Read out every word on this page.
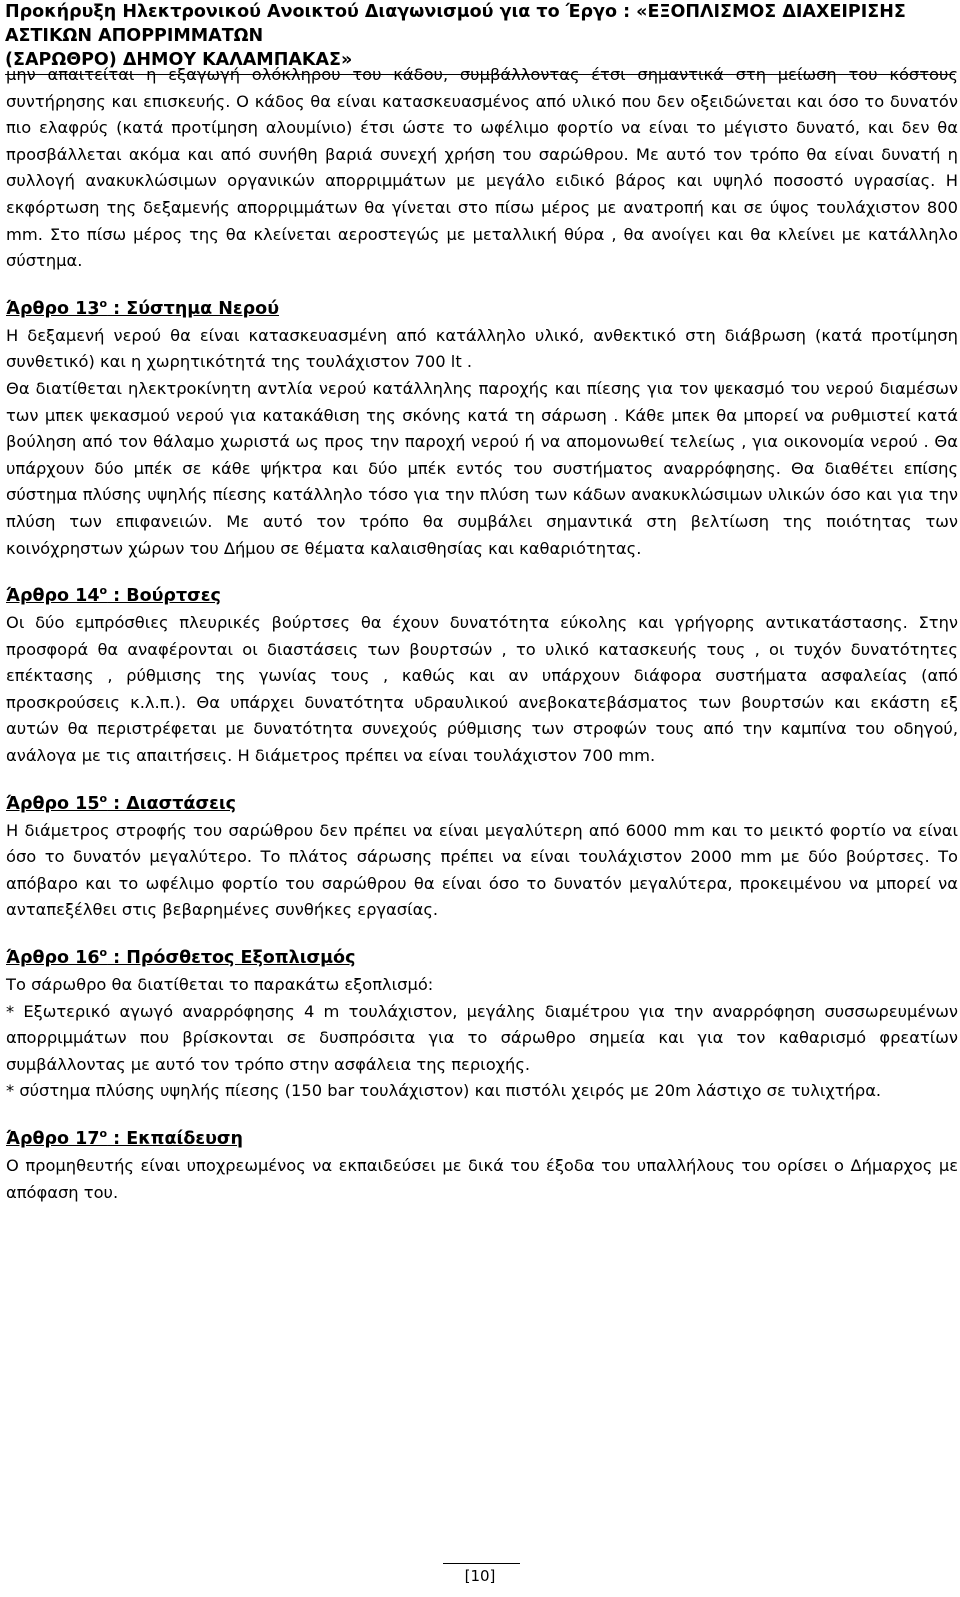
Προκήρυξη Ηλεκτρονικού Ανοικτού Διαγωνισμού για το Έργο : «ΕΞΟΠΛΙΣΜΟΣ ΔΙΑΧΕΙΡΙΣΗΣ ΑΣΤΙΚΩΝ ΑΠΟΡΡΙΜΜΑΤΩΝ
(ΣΑΡΩΘΡΟ) ΔΗΜΟΥ ΚΑΛΑΜΠΑΚΑΣ»

μην απαιτείται η εξαγωγή ολόκληρου του κάδου, συμβάλλοντας έτσι σημαντικά στη μείωση του κόστους συντήρησης και επισκευής. Ο κάδος θα είναι κατασκευασμένος από υλικό που δεν οξειδώνεται και όσο το δυνατόν πιο ελαφρύς (κατά προτίμηση αλουμίνιο) έτσι ώστε το ωφέλιμο φορτίο να είναι το μέγιστο δυνατό, και δεν θα προσβάλλεται ακόμα και από συνήθη βαριά συνεχή χρήση του σαρώθρου. Με αυτό τον τρόπο θα είναι δυνατή η συλλογή ανακυκλώσιμων οργανικών απορριμμάτων με μεγάλο ειδικό βάρος και υψηλό ποσοστό υγρασίας. Η εκφόρτωση της δεξαμενής απορριμμάτων θα γίνεται στο πίσω μέρος με ανατροπή και σε ύψος τουλάχιστον 800 mm. Στο πίσω μέρος της θα κλείνεται αεροστεγώς με μεταλλική θύρα , θα ανοίγει και θα κλείνει με κατάλληλο σύστημα.

Άρθρο $13^o$ : Σύστημα Νερού

Η δεξαμενή νερού θα είναι κατασκευασμένη από κατάλληλο υλικό, ανθεκτικό στη διάβρωση (κατά προτίμηση συνθετικό) και η χωρητικότητά της τουλάχιστον 700 lt .

Θα διατίθεται ηλεκτροκίνητη αντλία νερού κατάλληλης παροχής και πίεσης για τον ψεκασμό του νερού διαμέσων των μπεκ ψεκασμού νερού για κατακάθιση της σκόνης κατά τη σάρωση . Κάθε μπεκ θα μπορεί να ρυθμιστεί κατά βούληση από τον θάλαμο χωριστά ως προς την παροχή νερού ή να απομονωθεί τελείως , για οικονομία νερού . Θα υπάρχουν δύο μπέκ σε κάθε ψήκτρα και δύο μπέκ εντός του συστήματος αναρρόφησης. Θα διαθέτει επίσης σύστημα πλύσης υψηλής πίεσης κατάλληλο τόσο για την πλύση των κάδων ανακυκλώσιμων υλικών όσο και για την πλύση των επιφανειών. Με αυτό τον τρόπο θα συμβάλει σημαντικά στη βελτίωση της ποιότητας των κοινόχρηστων χώρων του Δήμου σε θέματα καλαισθησίας και καθαριότητας.

Άρθρο $14^o$ : Βούρτσες

Οι δύο εμπρόσθιες πλευρικές βούρτσες θα έχουν δυνατότητα εύκολης και γρήγορης αντικατάστασης. Στην προσφορά θα αναφέρονται οι διαστάσεις των βουρτσών , το υλικό κατασκευής τους , οι τυχόν δυνατότητες επέκτασης , ρύθμισης της γωνίας τους , καθώς και αν υπάρχουν διάφορα συστήματα ασφαλείας (από προσκρούσεις κ.λ.π.). Θα υπάρχει δυνατότητα υδραυλικού ανεβοκατεβάσματος των βουρτσών και εκάστη εξ αυτών θα περιστρέφεται με δυνατότητα συνεχούς ρύθμισης των στροφών τους από την καμπίνα του οδηγού, ανάλογα με τις απαιτήσεις. Η διάμετρος πρέπει να είναι τουλάχιστον 700 mm.

Άρθρο $15^o$ : Διαστάσεις

Η διάμετρος στροφής του σαρώθρου δεν πρέπει να είναι μεγαλύτερη από 6000 mm και το μεικτό φορτίο να είναι όσο το δυνατόν μεγαλύτερο. Το πλάτος σάρωσης πρέπει να είναι τουλάχιστον 2000 mm με δύο βούρτσες. Το απόβαρο και το ωφέλιμο φορτίο του σαρώθρου θα είναι όσο το δυνατόν μεγαλύτερα, προκειμένου να μπορεί να ανταπεξέλθει στις βεβαρημένες συνθήκες εργασίας.

Άρθρο $16^o$ : Πρόσθετος Εξοπλισμός

Το σάρωθρο θα διατίθεται το παρακάτω εξοπλισμό:

* Εξωτερικό αγωγό αναρρόφησης 4 m τουλάχιστον, μεγάλης διαμέτρου για την αναρρόφηση συσσωρευμένων απορριμμάτων που βρίσκονται σε δυσπρόσιτα για το σάρωθρο σημεία και για τον καθαρισμό φρεατίων συμβάλλοντας με αυτό τον τρόπο στην ασφάλεια της περιοχής.

* σύστημα πλύσης υψηλής πίεσης (150 bar τουλάχιστον) και πιστόλι χειρός με 20m λάστιχο σε τυλιχτήρα.

Άρθρο $17^o$ : Εκπαίδευση

Ο προμηθευτής είναι υποχρεωμένος να εκπαιδεύσει με δικά του έξοδα του υπαλλήλους του ορίσει ο Δήμαρχος με απόφαση του.

[10]
